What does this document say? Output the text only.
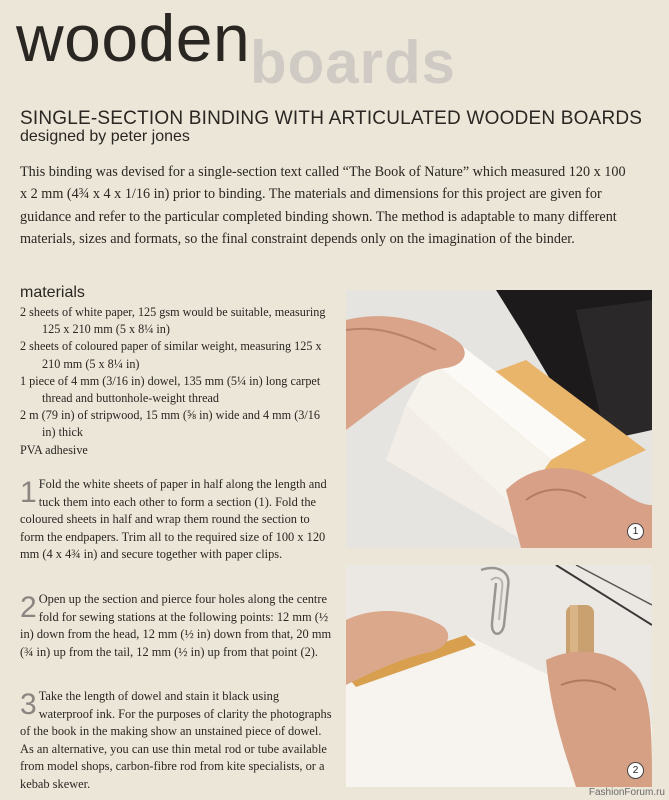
boards
wooden
SINGLE-SECTION BINDING WITH ARTICULATED WOODEN BOARDS

designed by peter jones

This binding was devised for a single-section text called “The Book of Nature” which measured 120 x 100 x 2 mm (4¾ x 4 x 1/16 in) prior to binding. The materials and dimensions for this project are given for guidance and refer to the particular completed binding shown. The method is adaptable to many different materials, sizes and formats, so the final constraint depends only on the imagination of the binder.

materials
2 sheets of white paper, 125 gsm would be suitable, measuring 125 x 210 mm (5 x 8¼ in)
2 sheets of coloured paper of similar weight, measuring 125 x 210 mm (5 x 8¼ in)
1 piece of 4 mm (3/16 in) dowel, 135 mm (5¼ in) long carpet thread and buttonhole-weight thread
2 m (79 in) of stripwood, 15 mm (⅝ in) wide and 4 mm (3/16 in) thick
PVA adhesive

1 Fold the white sheets of paper in half along the length and tuck them into each other to form a section (1). Fold the coloured sheets in half and wrap them round the section to form the endpapers. Trim all to the required size of 100 x 120 mm (4 x 4¾ in) and secure together with paper clips.

2 Open up the section and pierce four holes along the centre fold for sewing stations at the following points: 12 mm (½ in) down from the head, 12 mm (½ in) down from that, 20 mm (¾ in) up from the tail, 12 mm (½ in) up from that point (2).

3 Take the length of dowel and stain it black using waterproof ink. For the purposes of clarity the photographs of the book in the making show an unstained piece of dowel. As an alternative, you can use thin metal rod or tube available from model shops, carbon-fibre rod from kite specialists, or a kebab skewer.

1
2
FashionForum.ru
